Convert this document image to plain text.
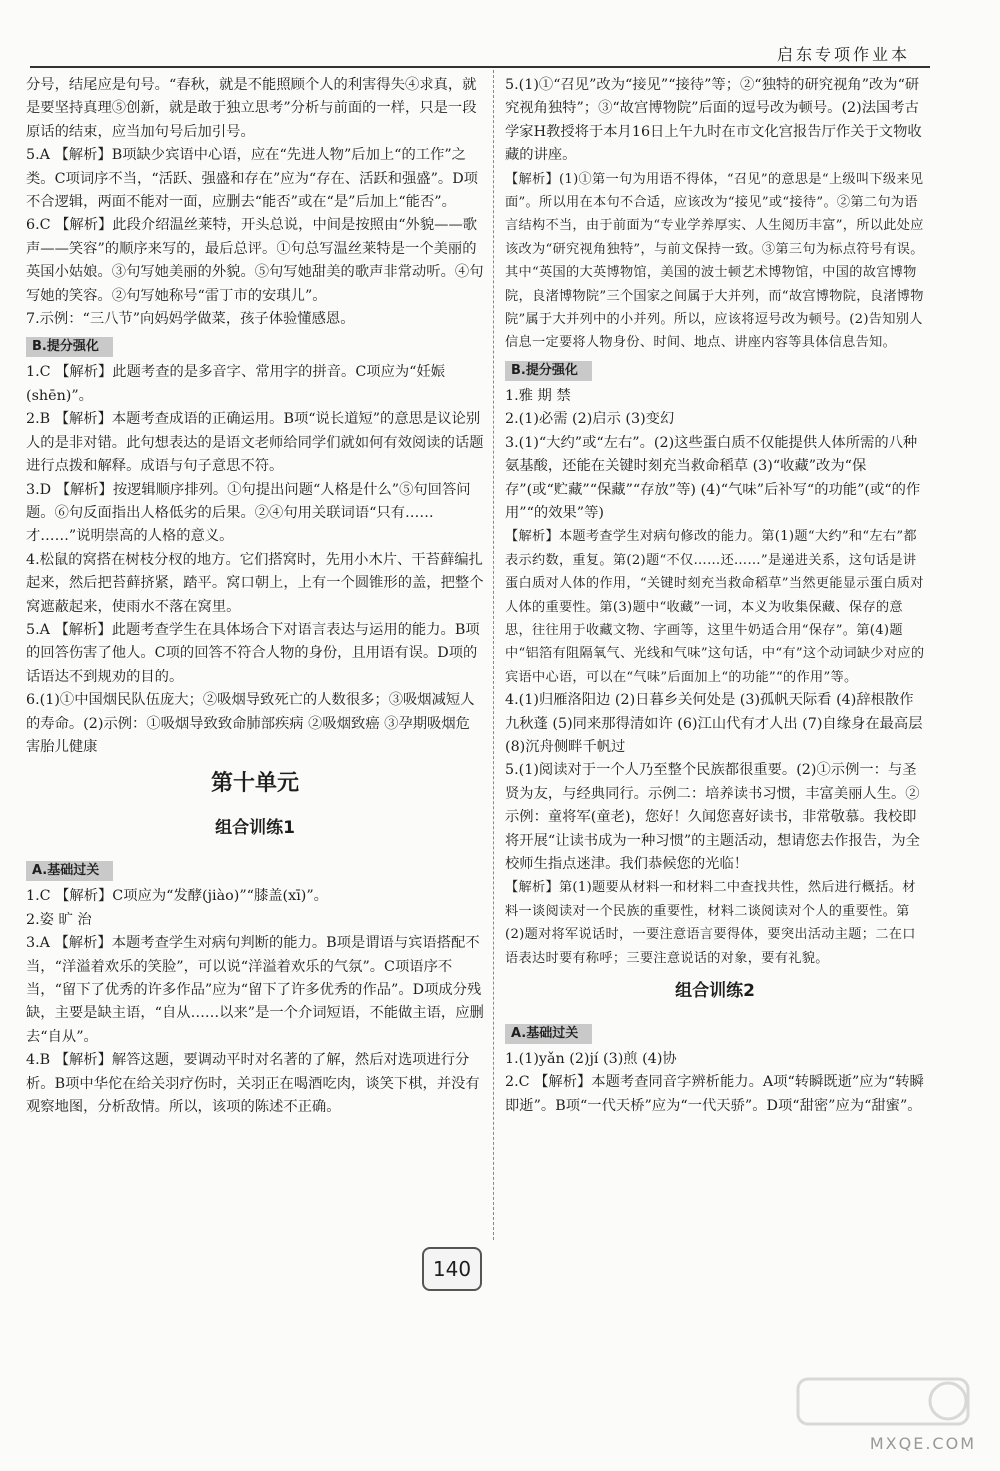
启东专项作业本
分号，结尾应是句号。“春秋，就是不能照顾个人的利害得失④求真，就是要坚持真理⑤创新，就是敢于独立思考”分析与前面的一样，只是一段原话的结束，应当加句号后加引号。
5.A 【解析】B项缺少宾语中心语，应在“先进人物”后加上“的工作”之类。C项词序不当，“活跃、强盛和存在”应为“存在、活跃和强盛”。D项不合逻辑，两面不能对一面，应删去“能否”或在“是”后加上“能否”。
6.C 【解析】此段介绍温丝莱特，开头总说，中间是按照由“外貌——歌声——笑容”的顺序来写的，最后总评。①句总写温丝莱特是一个美丽的英国小姑娘。③句写她美丽的外貌。⑤句写她甜美的歌声非常动听。④句写她的笑容。②句写她称号“雷丁市的安琪儿”。
7.示例：“三八节”向妈妈学做菜，孩子体验懂感恩。
B.提分强化
1.C 【解析】此题考查的是多音字、常用字的拼音。C项应为“妊娠(shēn)”。
2.B 【解析】本题考查成语的正确运用。B项“说长道短”的意思是议论别人的是非对错。此句想表达的是语文老师给同学们就如何有效阅读的话题进行点拨和解释。成语与句子意思不符。
3.D 【解析】按逻辑顺序排列。①句提出问题“人格是什么”⑤句回答问题。⑥句反面指出人格低劣的后果。②④句用关联词语“只有……才……”说明崇高的人格的意义。
4.松鼠的窝搭在树枝分杈的地方。它们搭窝时，先用小木片、干苔藓编扎起来，然后把苔藓挤紧，踏平。窝口朝上，上有一个圆锥形的盖，把整个窝遮蔽起来，使雨水不落在窝里。
5.A 【解析】此题考查学生在具体场合下对语言表达与运用的能力。B项的回答伤害了他人。C项的回答不符合人物的身份，且用语有误。D项的话语达不到规劝的目的。
6.(1)①中国烟民队伍庞大；②吸烟导致死亡的人数很多；③吸烟减短人的寿命。(2)示例：①吸烟导致致命肺部疾病 ②吸烟致癌 ③孕期吸烟危害胎儿健康
第十单元
组合训练1
A.基础过关
1.C 【解析】C项应为“发酵(jiào)”“膝盖(xī)”。
2.姿 旷 治
3.A 【解析】本题考查学生对病句判断的能力。B项是谓语与宾语搭配不当，“洋溢着欢乐的笑脸”，可以说“洋溢着欢乐的气氛”。C项语序不当，“留下了优秀的许多作品”应为“留下了许多优秀的作品”。D项成分残缺，主要是缺主语，“自从……以来”是一个介词短语，不能做主语，应删去“自从”。
4.B 【解析】解答这题，要调动平时对名著的了解，然后对选项进行分析。B项中华佗在给关羽疗伤时，关羽正在喝酒吃肉，谈笑下棋，并没有观察地图，分析敌情。所以，该项的陈述不正确。
5.(1)①“召见”改为“接见”“接待”等；②“独特的研究视角”改为“研究视角独特”；③“故宫博物院”后面的逗号改为顿号。(2)法国考古学家H教授将于本月16日上午九时在市文化宫报告厅作关于文物收藏的讲座。
【解析】(1)①第一句为用语不得体，“召见”的意思是“上级叫下级来见面”。所以用在本句不合适，应该改为“接见”或“接待”。②第二句为语言结构不当，由于前面为“专业学养厚实、人生阅历丰富”，所以此处应该改为“研究视角独特”，与前文保持一致。③第三句为标点符号有误。其中“英国的大英博物馆，美国的波士顿艺术博物馆，中国的故宫博物院，良渚博物院”三个国家之间属于大并列，而“故宫博物院，良渚博物院”属于大并列中的小并列。所以，应该将逗号改为顿号。(2)告知别人信息一定要将人物身份、时间、地点、讲座内容等具体信息告知。
B.提分强化
1.雅 期 禁
2.(1)必需 (2)启示 (3)变幻
3.(1)“大约”或“左右”。(2)这些蛋白质不仅能提供人体所需的八种氨基酸，还能在关键时刻充当救命稻草 (3)“收藏”改为“保存”(或“贮藏”“保藏”“存放”等) (4)“气味”后补写“的功能”(或“的作用”“的效果”等)
【解析】本题考查学生对病句修改的能力。第(1)题“大约”和“左右”都表示约数，重复。第(2)题“不仅……还……”是递进关系，这句话是讲蛋白质对人体的作用，“关键时刻充当救命稻草”当然更能显示蛋白质对人体的重要性。第(3)题中“收藏”一词，本义为收集保藏、保存的意思，往往用于收藏文物、字画等，这里牛奶适合用“保存”。第(4)题中“铝箔有阻隔氧气、光线和气味”这句话，中“有”这个动词缺少对应的宾语中心语，可以在“气味”后面加上“的功能”“的作用”等。
4.(1)归雁洛阳边 (2)日暮乡关何处是 (3)孤帆天际看 (4)辞根散作九秋蓬 (5)同来那得清如许 (6)江山代有才人出 (7)自缘身在最高层 (8)沉舟侧畔千帆过
5.(1)阅读对于一个人乃至整个民族都很重要。(2)①示例一：与圣贤为友，与经典同行。示例二：培养读书习惯，丰富美丽人生。②示例：童将军(童老)，您好！久闻您喜好读书，非常敬慕。我校即将开展“让读书成为一种习惯”的主题活动，想请您去作报告，为全校师生指点迷津。我们恭候您的光临！
【解析】第(1)题要从材料一和材料二中查找共性，然后进行概括。材料一谈阅读对一个民族的重要性，材料二谈阅读对个人的重要性。第(2)题对将军说话时，一要注意语言要得体，要突出活动主题；二在口语表达时要有称呼；三要注意说话的对象，要有礼貌。
组合训练2
A.基础过关
1.(1)yǎn (2)jí (3)煎 (4)协
2.C 【解析】本题考查同音字辨析能力。A项“转瞬既逝”应为“转瞬即逝”。B项“一代天桥”应为“一代天骄”。D项“甜密”应为“甜蜜”。
140
MXQE.COM
